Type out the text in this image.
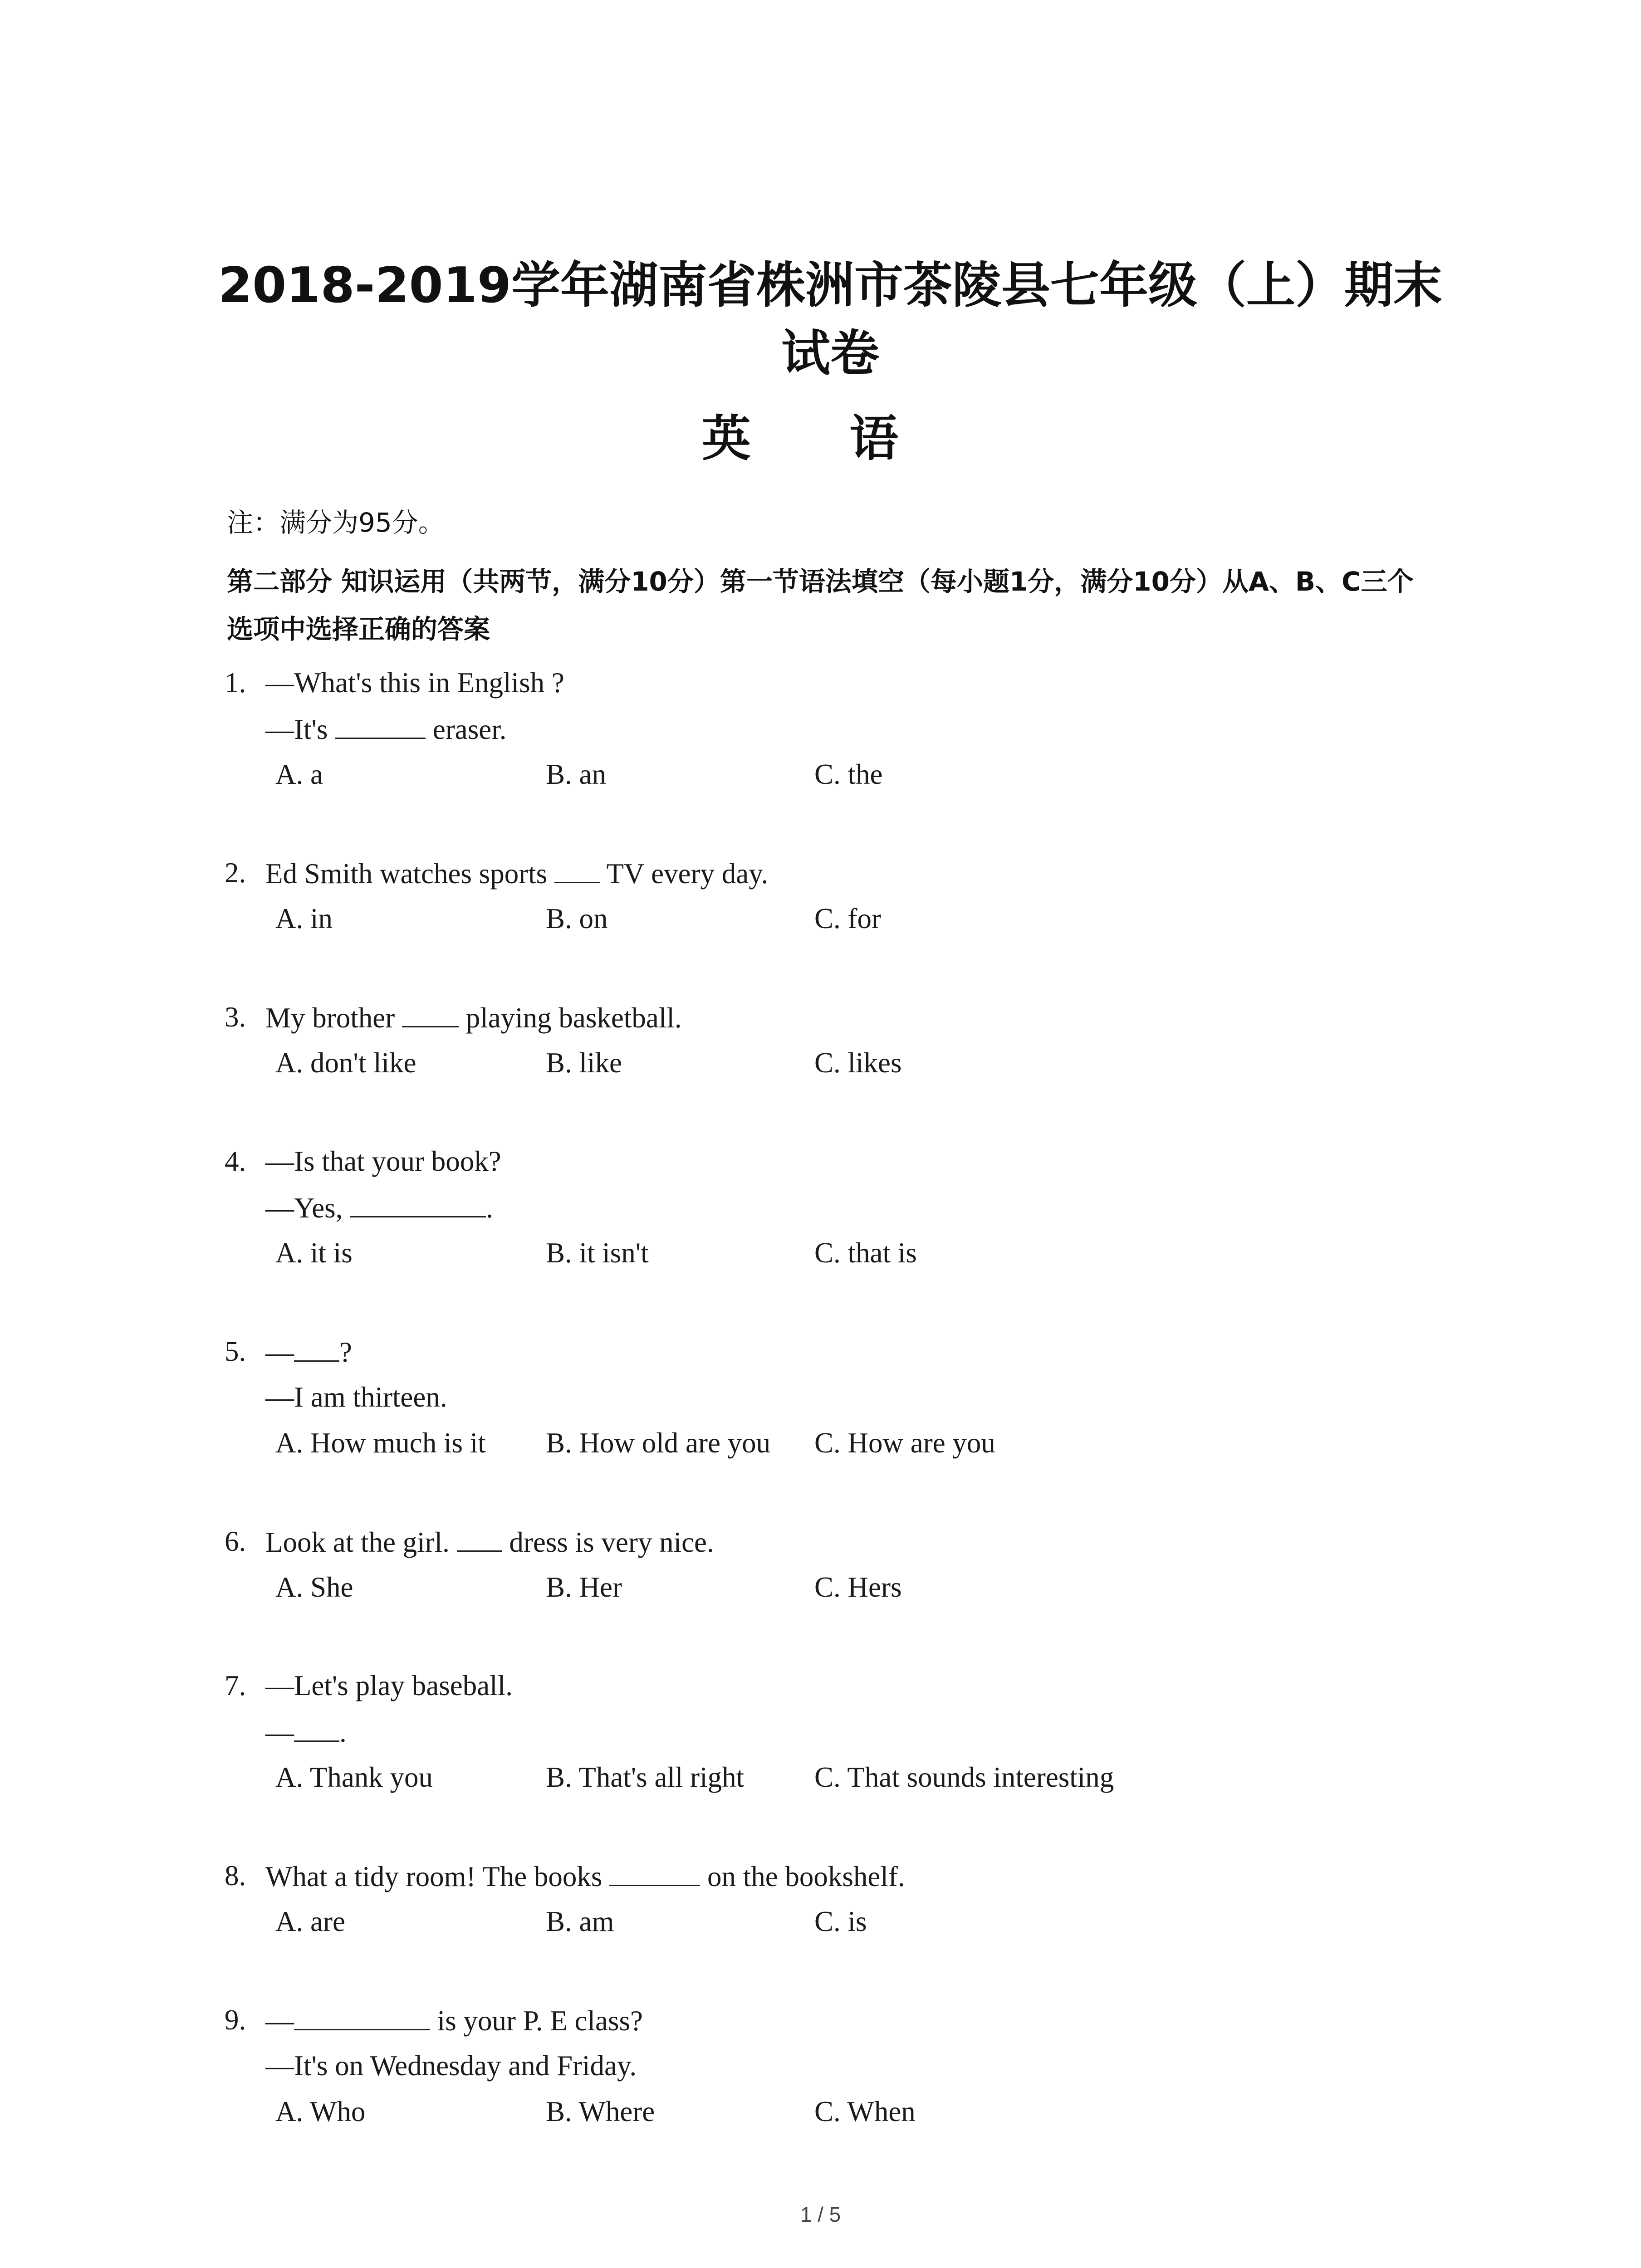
2018-2019学年湖南省株洲市茶陵县七年级（上）期末试卷
英 语

注：满分为95分。

第二部分 知识运用（共两节，满分10分）第一节语法填空（每小题1分，满分10分）从A、B、C三个选项中选择正确的答案

1. —What's this in English ?
—It's	eraser.
A. a	B. an	C. the
2. Ed Smith watches sports  TV every day.
A. in	B. on	C. for
3. My brother  playing basketball.
A. don't like	B. like	C. likes
4. —Is that your book?
—Yes,	.
A. it is	B. it isn't	C. that is
5. — ?
—I am thirteen.
A. How much is it B. How old are you C. How are you
6. Look at the girl.  dress is very nice.
A. She	B. Her	C. Hers
7. —Let's play baseball.
— .
A. Thank you	B. That's all right C. That sounds interesting
8. What a tidy room! The books	on the bookshelf.
A. are	B. am	C. is
9. —	is your P. E class?
—It's on Wednesday and Friday.
A. Who	B. Where	C. When
1 / 5
